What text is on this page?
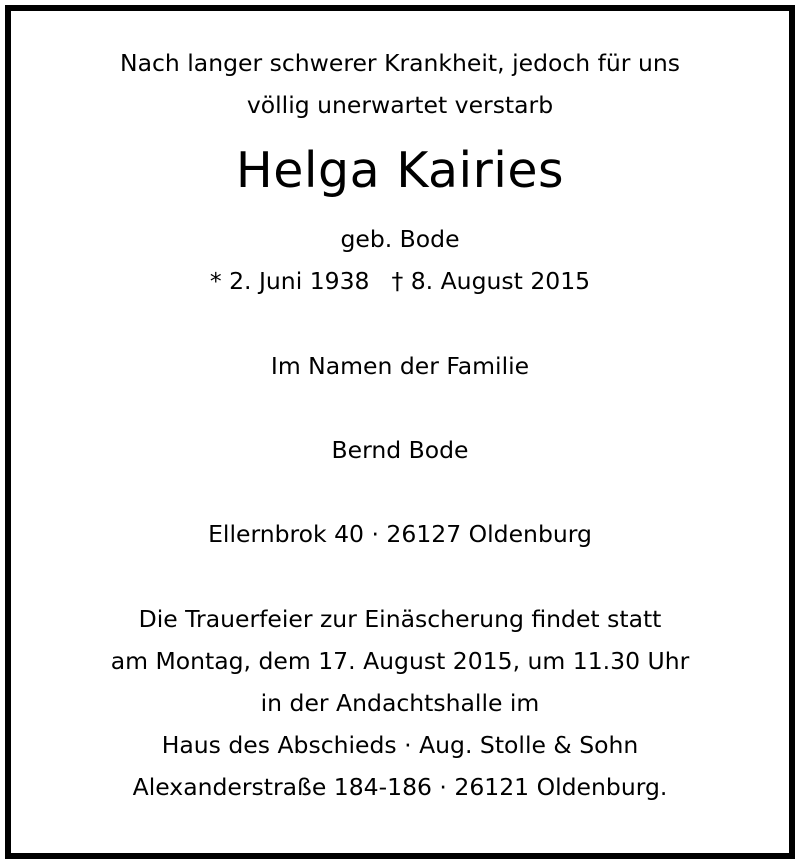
Nach langer schwerer Krankheit, jedoch für uns
völlig unerwartet verstarb
Helga Kairies
geb. Bode
* 2. Juni 1938 † 8. August 2015
Im Namen der Familie
Bernd Bode
Ellernbrok 40 · 26127 Oldenburg
Die Trauerfeier zur Einäscherung findet statt
am Montag, dem 17. August 2015, um 11.30 Uhr
in der Andachtshalle im
Haus des Abschieds · Aug. Stolle & Sohn
Alexanderstraße 184-186 · 26121 Oldenburg.
